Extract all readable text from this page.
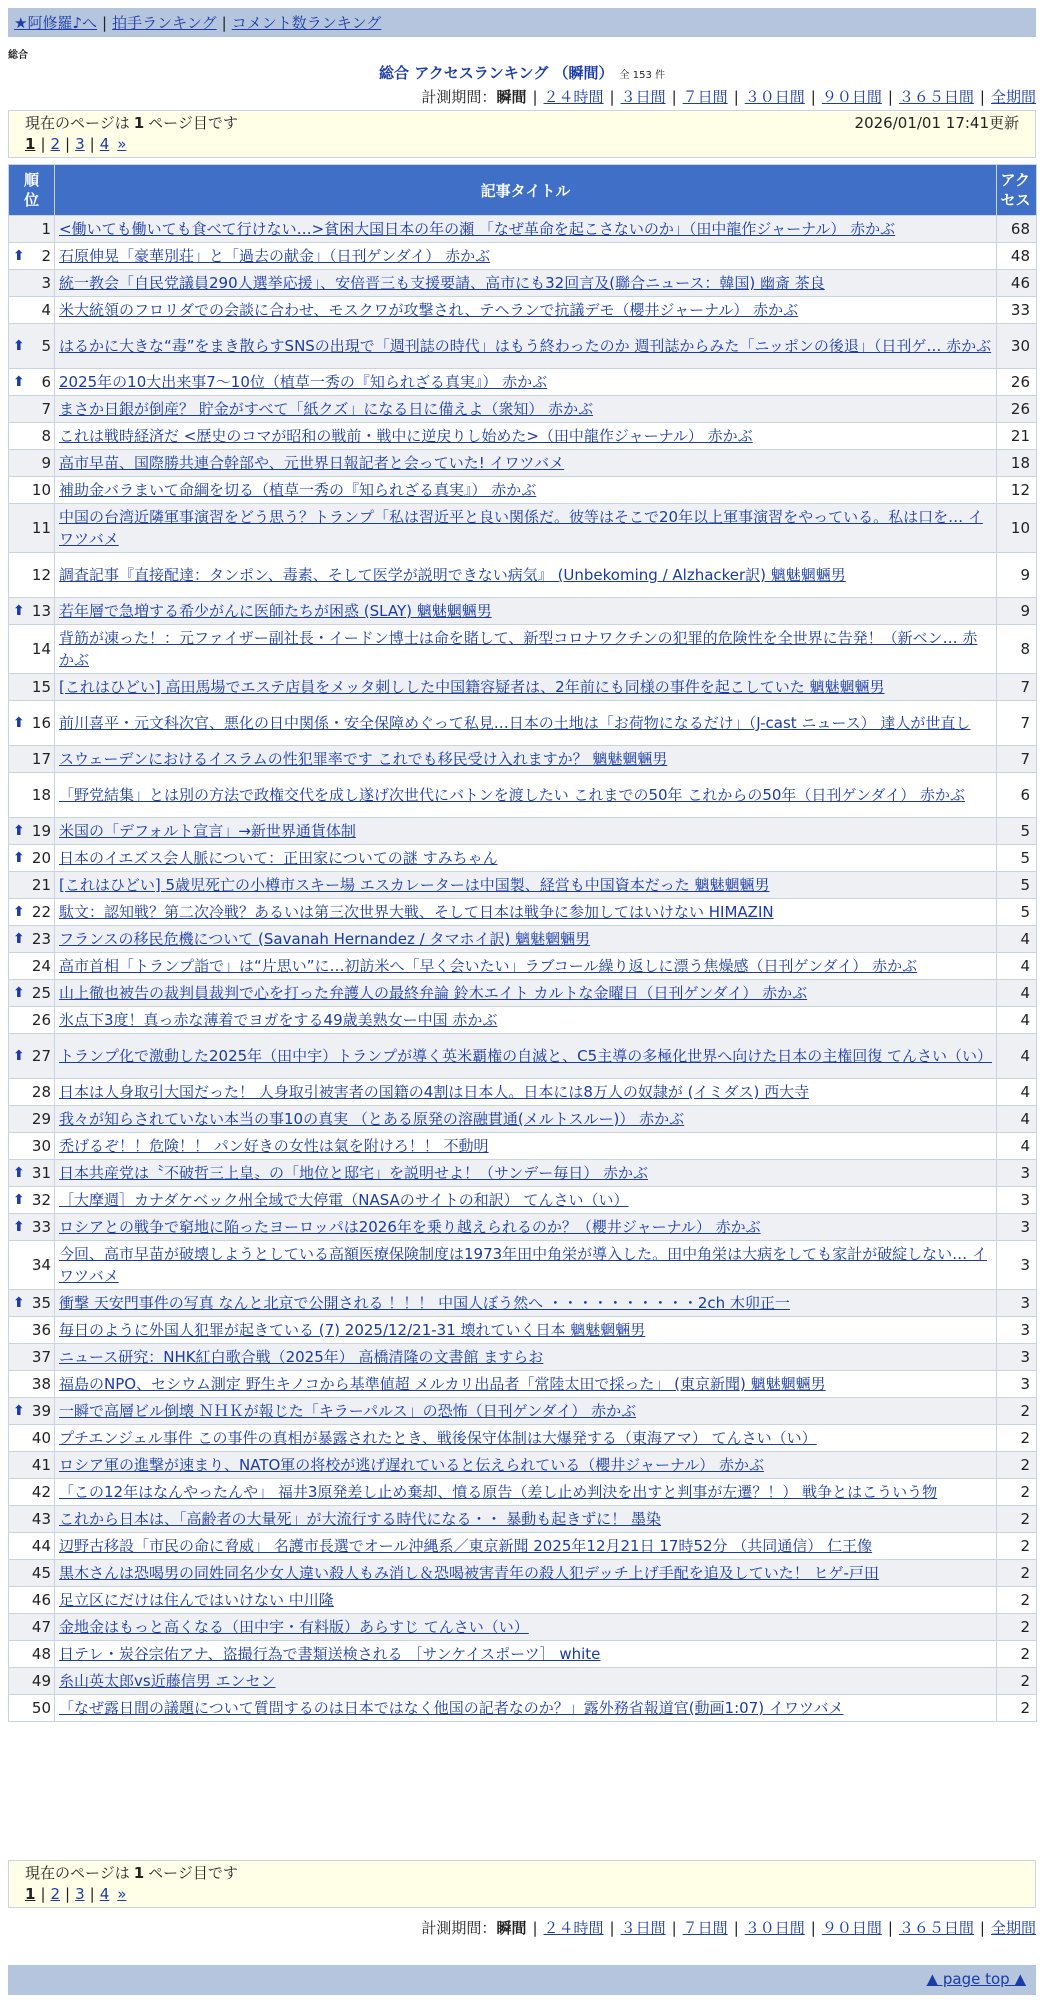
★阿修羅♪へ | 拍手ランキング | コメント数ランキング
総合
総合 アクセスランキング （瞬間） 全 153 件
計測期間：瞬間 | ２４時間 | ３日間 | ７日間 | ３０日間 | ９０日間 | ３６５日間 | 全期間
現在のページは 1 ページ目です	2026/01/01 17:41更新
1 | 2 | 3 | 4 »
順位	記事タイトル	アクセス

1	<働いても働いても食べて行けない…>貧困大国日本の年の瀬 「なぜ革命を起こさないのか」（田中龍作ジャーナル） 赤かぶ	68

⬆ 2	石原伸晃「豪華別荘」と「過去の献金」（日刊ゲンダイ） 赤かぶ	48
3	統一教会「自民党議員290人選挙応援」、安倍晋三も支援要請、高市にも32回言及(聯合ニュース：韓国) 幽斎 茶良	46
4	米大統領のフロリダでの会談に合わせ、モスクワが攻撃され、テヘランで抗議デモ（櫻井ジャーナル） 赤かぶ	33

⬆ 5	はるかに大きな“毒”をまき散らすSNSの出現で「週刊誌の時代」はもう終わったのか 週刊誌からみた「ニッポンの後退」（日刊ゲ… 赤かぶ	30

⬆ 6	2025年の10大出来事7～10位（植草一秀の『知られざる真実』） 赤かぶ	26
7	まさか日銀が倒産？ 貯金がすべて「紙クズ」になる日に備えよ（衆知） 赤かぶ	26
8	これは戦時経済だ <歴史のコマが昭和の戦前・戦中に逆戻りし始めた>（田中龍作ジャーナル） 赤かぶ	21
9	高市早苗、国際勝共連合幹部や、元世界日報記者と会っていた! イワツバメ	18
10	補助金バラまいて命綱を切る（植草一秀の『知られざる真実』） 赤かぶ	12
11	中国の台湾近隣軍事演習をどう思う？トランプ「私は習近平と良い関係だ。彼等はそこで20年以上軍事演習をやっている。私は口を… イワツバメ	10
12	調査記事『直接配達：タンポン、毒素、そして医学が説明できない病気』 (Unbekoming / Alzhacker訳) 魑魅魍魎男	9

⬆ 13	若年層で急増する希少がんに医師たちが困惑 (SLAY) 魑魅魍魎男	9
14	背筋が凍った！：元ファイザー副社長・イードン博士は命を賭して、新型コロナワクチンの犯罪的危険性を全世界に告発！（新ベン… 赤かぶ	8
15	[これはひどい] 高田馬場でエステ店員をメッタ刺しした中国籍容疑者は、2年前にも同様の事件を起こしていた 魑魅魍魎男	7

⬆ 16	前川喜平・元文科次官、悪化の日中関係・安全保障めぐって私見…日本の土地は「お荷物になるだけ」（J-cast ニュース） 達人が世直し	7
17	スウェーデンにおけるイスラムの性犯罪率です これでも移民受け入れますか？ 魑魅魍魎男	7
18	「野党結集」とは別の方法で政権交代を成し遂げ次世代にバトンを渡したい これまでの50年 これからの50年（日刊ゲンダイ） 赤かぶ	6

⬆ 19	米国の「デフォルト宣言」→新世界通貨体制	5

⬆ 20	日本のイエズス会人脈について：正田家についての謎 すみちゃん	5
21	[これはひどい] 5歳児死亡の小樽市スキー場 エスカレーターは中国製、経営も中国資本だった 魑魅魍魎男	5

⬆ 22	駄文：認知戦？第二次冷戦？あるいは第三次世界大戦、そして日本は戦争に参加してはいけない HIMAZIN	5

⬆ 23	フランスの移民危機について (Savanah Hernandez / タマホイ訳) 魑魅魍魎男	4
24	高市首相「トランプ詣で」は“片思い”に…初訪米へ「早く会いたい」ラブコール繰り返しに漂う焦燥感（日刊ゲンダイ） 赤かぶ	4

⬆ 25	山上徹也被告の裁判員裁判で心を打った弁護人の最終弁論 鈴木エイト カルトな金曜日（日刊ゲンダイ） 赤かぶ	4
26	氷点下3度！真っ赤な薄着でヨガをする49歳美熟女ー中国 赤かぶ	4

⬆ 27	トランプ化で激動した2025年（田中宇）トランプが導く英米覇権の自滅と、C5主導の多極化世界へ向けた日本の主権回復 てんさい（い）	4
28	日本は人身取引大国だった！ 人身取引被害者の国籍の4割は日本人。日本には8万人の奴隷が (イミダス) 西大寺	4
29	我々が知らされていない本当の事10の真実 （とある原発の溶融貫通(メルトスルー)） 赤かぶ	4
30	禿げるぞ！！危険！！ パン好きの女性は氣を附けろ！！ 不動明	4

⬆ 31	日本共産党は〝不破哲三上皇〟の「地位と邸宅」を説明せよ！（サンデー毎日） 赤かぶ	3

⬆ 32	［大摩週］カナダケベック州全域で大停電（NASAのサイトの和訳） てんさい（い）	3

⬆ 33	ロシアとの戦争で窮地に陥ったヨーロッパは2026年を乗り越えられるのか？（櫻井ジャーナル） 赤かぶ	3
34	今回、高市早苗が破壊しようとしている高額医療保険制度は1973年田中角栄が導入した。田中角栄は大病をしても家計が破綻しない… イワツバメ	3

⬆ 35	衝撃 天安門事件の写真 なんと北京で公開される ！！！ 中国人ぼう然へ ・・・・・・・・・・2ch 木卯正一	3
36	毎日のように外国人犯罪が起きている (7) 2025/12/21-31 壊れていく日本 魑魅魍魎男	3
37	ニュース研究：NHK紅白歌合戦（2025年） 高橋清隆の文書館 ますらお	3
38	福島のNPO、セシウム測定 野生キノコから基準値超 メルカリ出品者「常陸太田で採った」 (東京新聞) 魑魅魍魎男	3

⬆ 39	一瞬で高層ビル倒壊 ＮＨＫが報じた「キラーパルス」の恐怖（日刊ゲンダイ） 赤かぶ	2
40	プチエンジェル事件 この事件の真相が暴露されたとき、戦後保守体制は大爆発する（東海アマ） てんさい（い）	2
41	ロシア軍の進撃が速まり、NATO軍の将校が逃げ遅れていると伝えられている（櫻井ジャーナル） 赤かぶ	2
42	「この12年はなんやったんや」 福井3原発差し止め棄却、憤る原告（差し止め判決を出すと判事が左遷？！） 戦争とはこういう物	2
43	これから日本は、「高齢者の大量死」が大流行する時代になる・・ 暴動も起きずに！ 墨染	2
44	辺野古移設「市民の命に脅威」 名護市長選でオール沖縄系／東京新聞 2025年12月21日 17時52分 （共同通信） 仁王像	2
45	黒木さんは恐喝男の同姓同名少女人違い殺人もみ消し＆恐喝被害青年の殺人犯デッチ上げ手配を追及していた！ ヒゲ-戸田	2
46	足立区にだけは住んではいけない 中川隆	2
47	金地金はもっと高くなる（田中宇・有料版）あらすじ てんさい（い）	2
48	日テレ・炭谷宗佑アナ、盗撮行為で書類送検される ［サンケイスポーツ］ white	2
49	糸山英太郎vs近藤信男 エンセン	2
50	「なぜ露日間の議題について質問するのは日本ではなく他国の記者なのか？」露外務省報道官(動画1:07) イワツバメ	2
現在のページは 1 ページ目です
1 | 2 | 3 | 4 »
計測期間：瞬間 | ２４時間 | ３日間 | ７日間 | ３０日間 | ９０日間 | ３６５日間 | 全期間
▲ page top ▲
